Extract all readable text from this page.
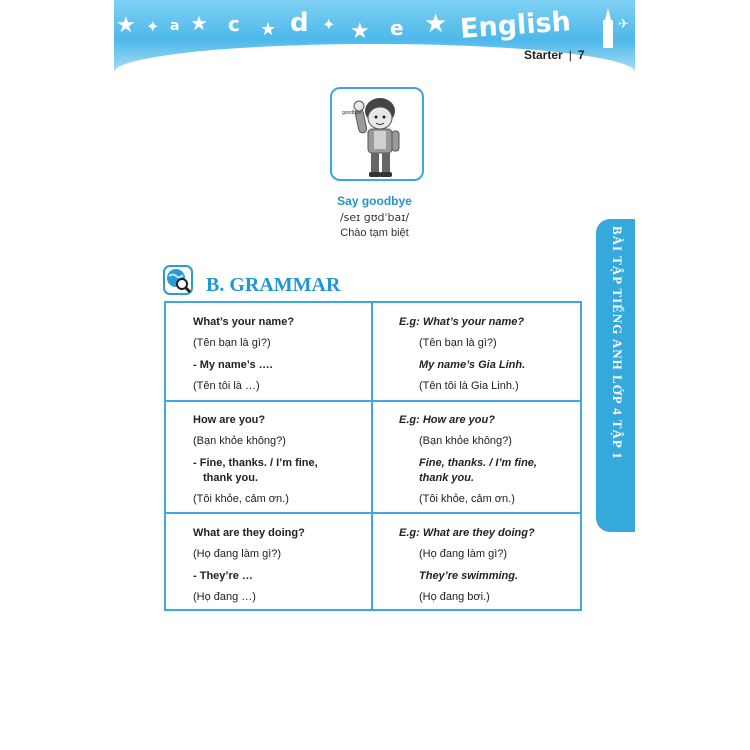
★ ✦ a ★ c ★ d ✦ ★ e ★ English	✈
Starter | 7
goodbye
Say goodbye
/seɪ ɡʊdˈbaɪ/
Chào tạm biệt
B. GRAMMAR
What’s your name?
(Tên bạn là gì?)
- My name’s ….
(Tên tôi là …)
E.g: What’s your name?
(Tên bạn là gì?)
My name’s Gia Linh.
(Tên tôi là Gia Linh.)
How are you?
(Bạn khỏe không?)
- Fine, thanks. / I’m fine,
thank you.
(Tôi khỏe, cảm ơn.)
E.g: How are you?
(Bạn khỏe không?)
Fine, thanks. / I’m fine,
thank you.
(Tôi khỏe, cảm ơn.)
What are they doing?
(Họ đang làm gì?)
- They’re …
(Họ đang …)
E.g: What are they doing?
(Họ đang làm gì?)
They’re swimming.
(Họ đang bơi.)
BÀI TẬP TIẾNG ANH LỚP 4 TẬP 1
